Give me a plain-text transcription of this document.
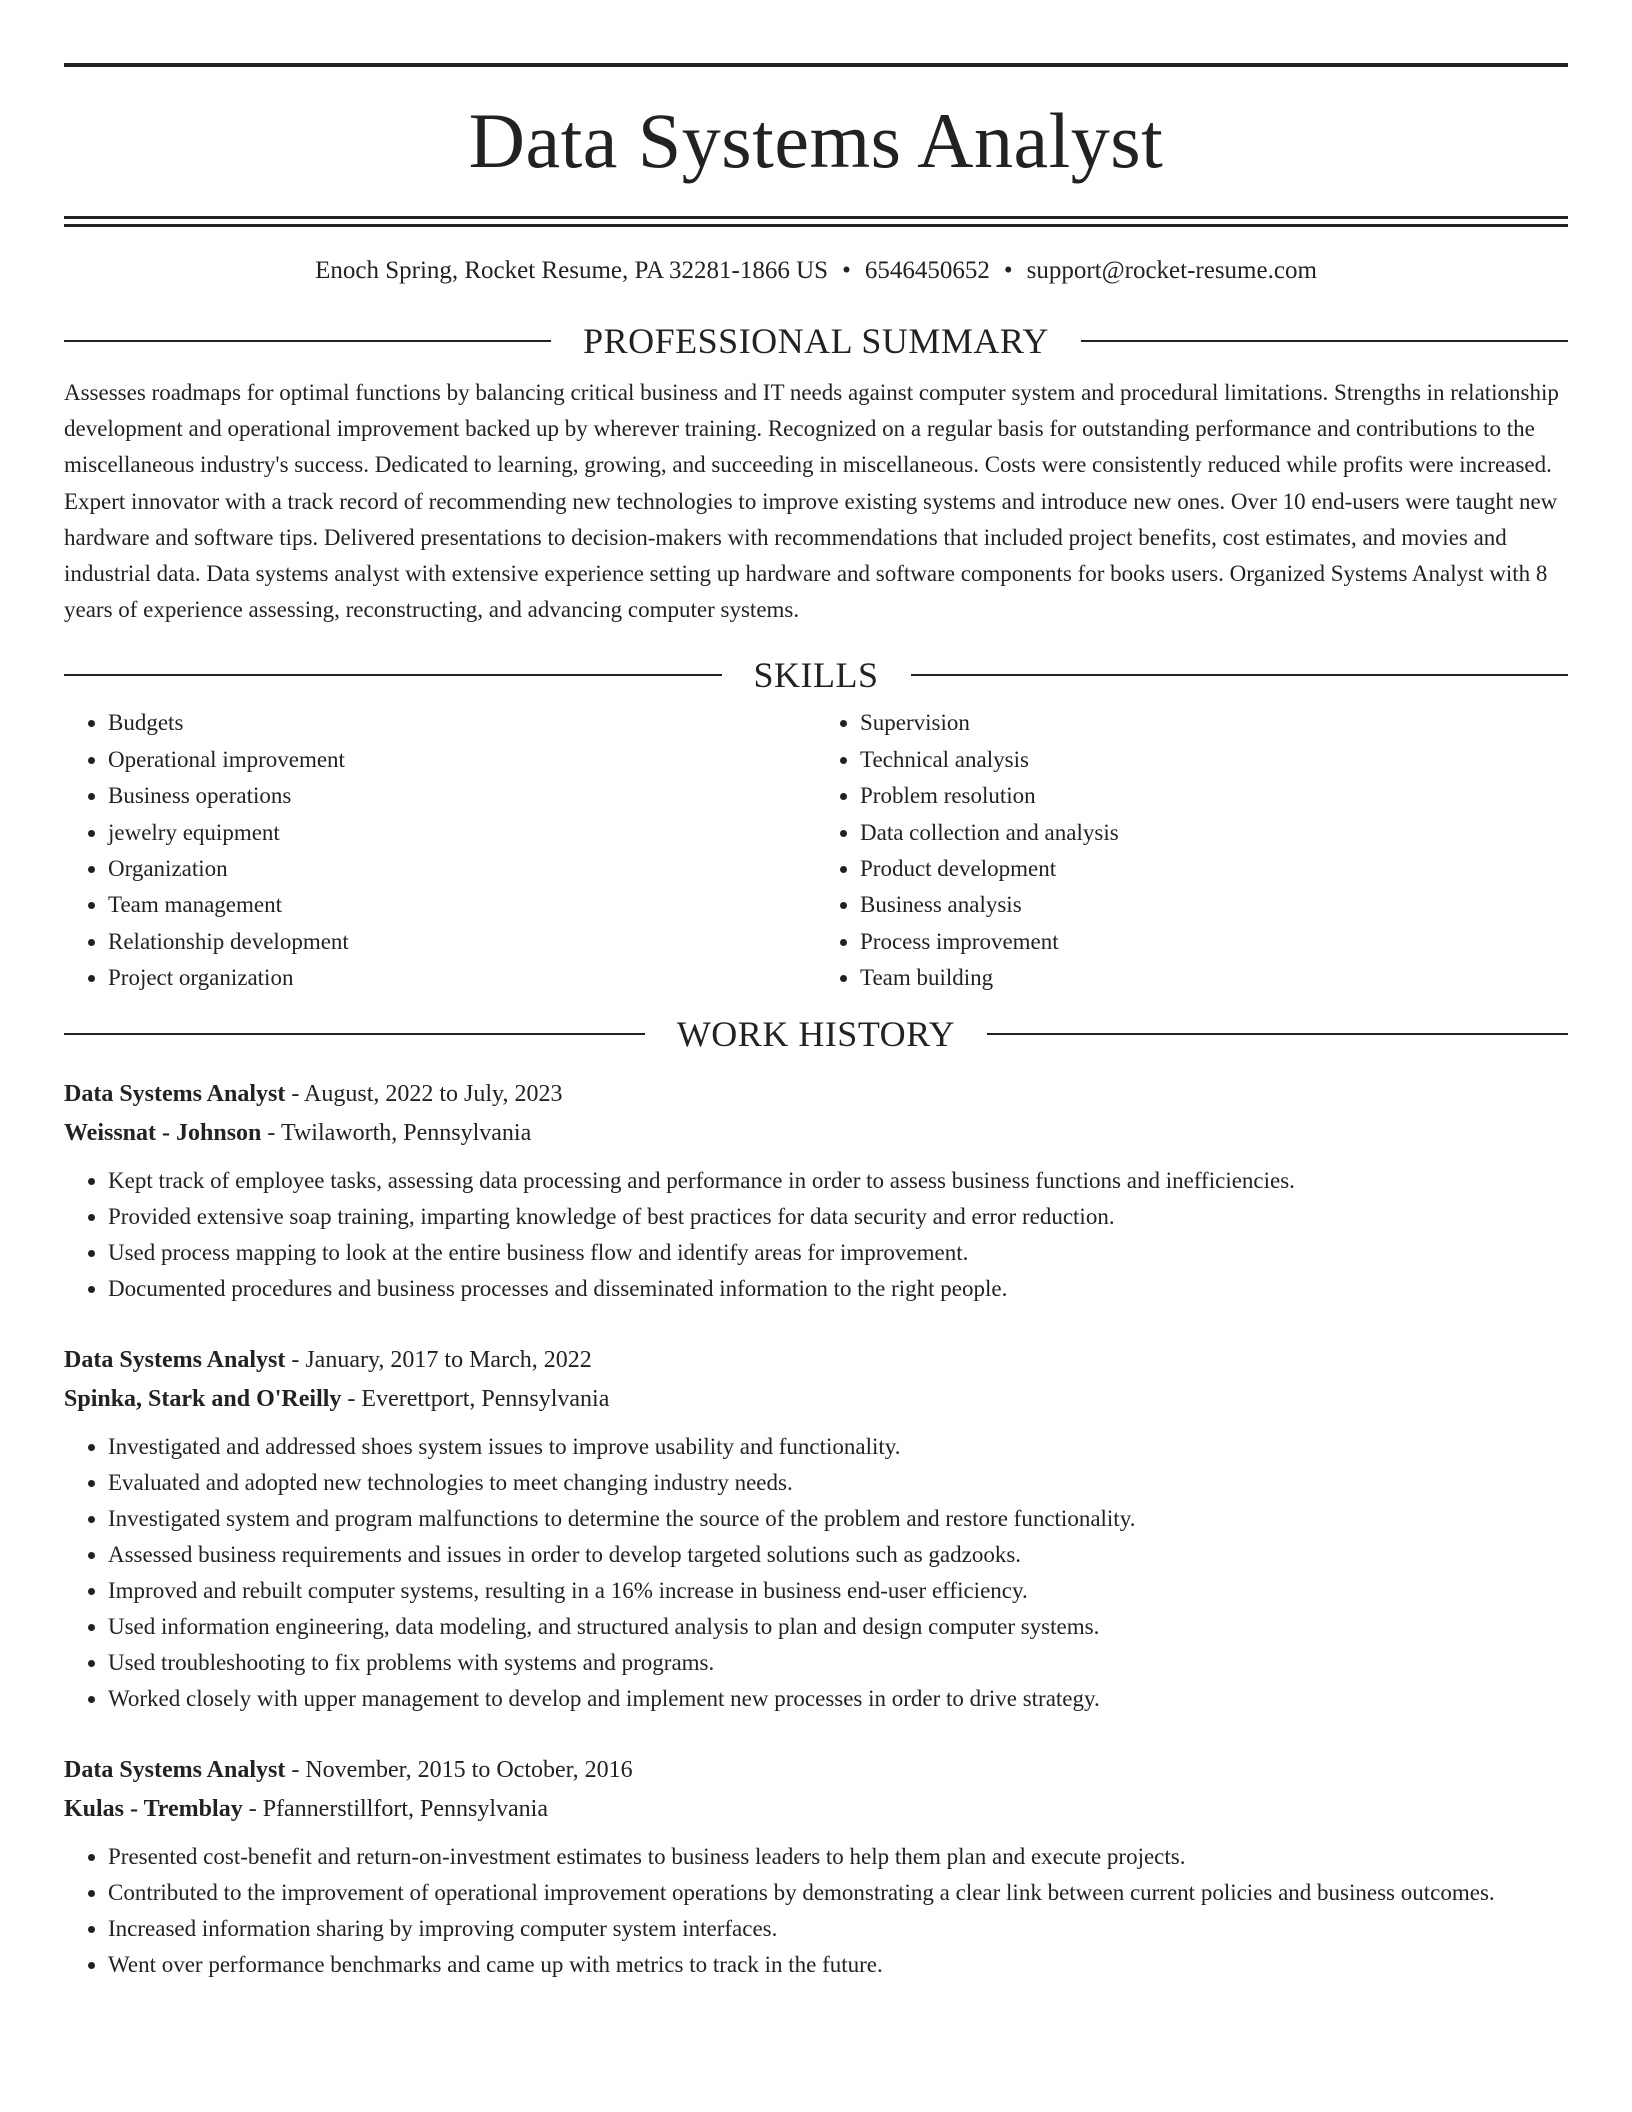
Data Systems Analyst
Enoch Spring, Rocket Resume, PA 32281-1866 US • 6546450652 • support@rocket-resume.com
PROFESSIONAL SUMMARY
Assesses roadmaps for optimal functions by balancing critical business and IT needs against computer system and procedural limitations. Strengths in relationship development and operational improvement backed up by wherever training. Recognized on a regular basis for outstanding performance and contributions to the miscellaneous industry's success. Dedicated to learning, growing, and succeeding in miscellaneous. Costs were consistently reduced while profits were increased. Expert innovator with a track record of recommending new technologies to improve existing systems and introduce new ones. Over 10 end-users were taught new hardware and software tips. Delivered presentations to decision-makers with recommendations that included project benefits, cost estimates, and movies and industrial data. Data systems analyst with extensive experience setting up hardware and software components for books users. Organized Systems Analyst with 8 years of experience assessing, reconstructing, and advancing computer systems.
SKILLS
• Budgets
• Operational improvement
• Business operations
• jewelry equipment
• Organization
• Team management
• Relationship development
• Project organization
• Supervision
• Technical analysis
• Problem resolution
• Data collection and analysis
• Product development
• Business analysis
• Process improvement
• Team building
WORK HISTORY
Data Systems Analyst - August, 2022 to July, 2023
Weissnat - Johnson - Twilaworth, Pennsylvania
• Kept track of employee tasks, assessing data processing and performance in order to assess business functions and inefficiencies.
• Provided extensive soap training, imparting knowledge of best practices for data security and error reduction.
• Used process mapping to look at the entire business flow and identify areas for improvement.
• Documented procedures and business processes and disseminated information to the right people.
Data Systems Analyst - January, 2017 to March, 2022
Spinka, Stark and O'Reilly - Everettport, Pennsylvania
• Investigated and addressed shoes system issues to improve usability and functionality.
• Evaluated and adopted new technologies to meet changing industry needs.
• Investigated system and program malfunctions to determine the source of the problem and restore functionality.
• Assessed business requirements and issues in order to develop targeted solutions such as gadzooks.
• Improved and rebuilt computer systems, resulting in a 16% increase in business end-user efficiency.
• Used information engineering, data modeling, and structured analysis to plan and design computer systems.
• Used troubleshooting to fix problems with systems and programs.
• Worked closely with upper management to develop and implement new processes in order to drive strategy.
Data Systems Analyst - November, 2015 to October, 2016
Kulas - Tremblay - Pfannerstillfort, Pennsylvania
• Presented cost-benefit and return-on-investment estimates to business leaders to help them plan and execute projects.
• Contributed to the improvement of operational improvement operations by demonstrating a clear link between current policies and business outcomes.
• Increased information sharing by improving computer system interfaces.
• Went over performance benchmarks and came up with metrics to track in the future.
